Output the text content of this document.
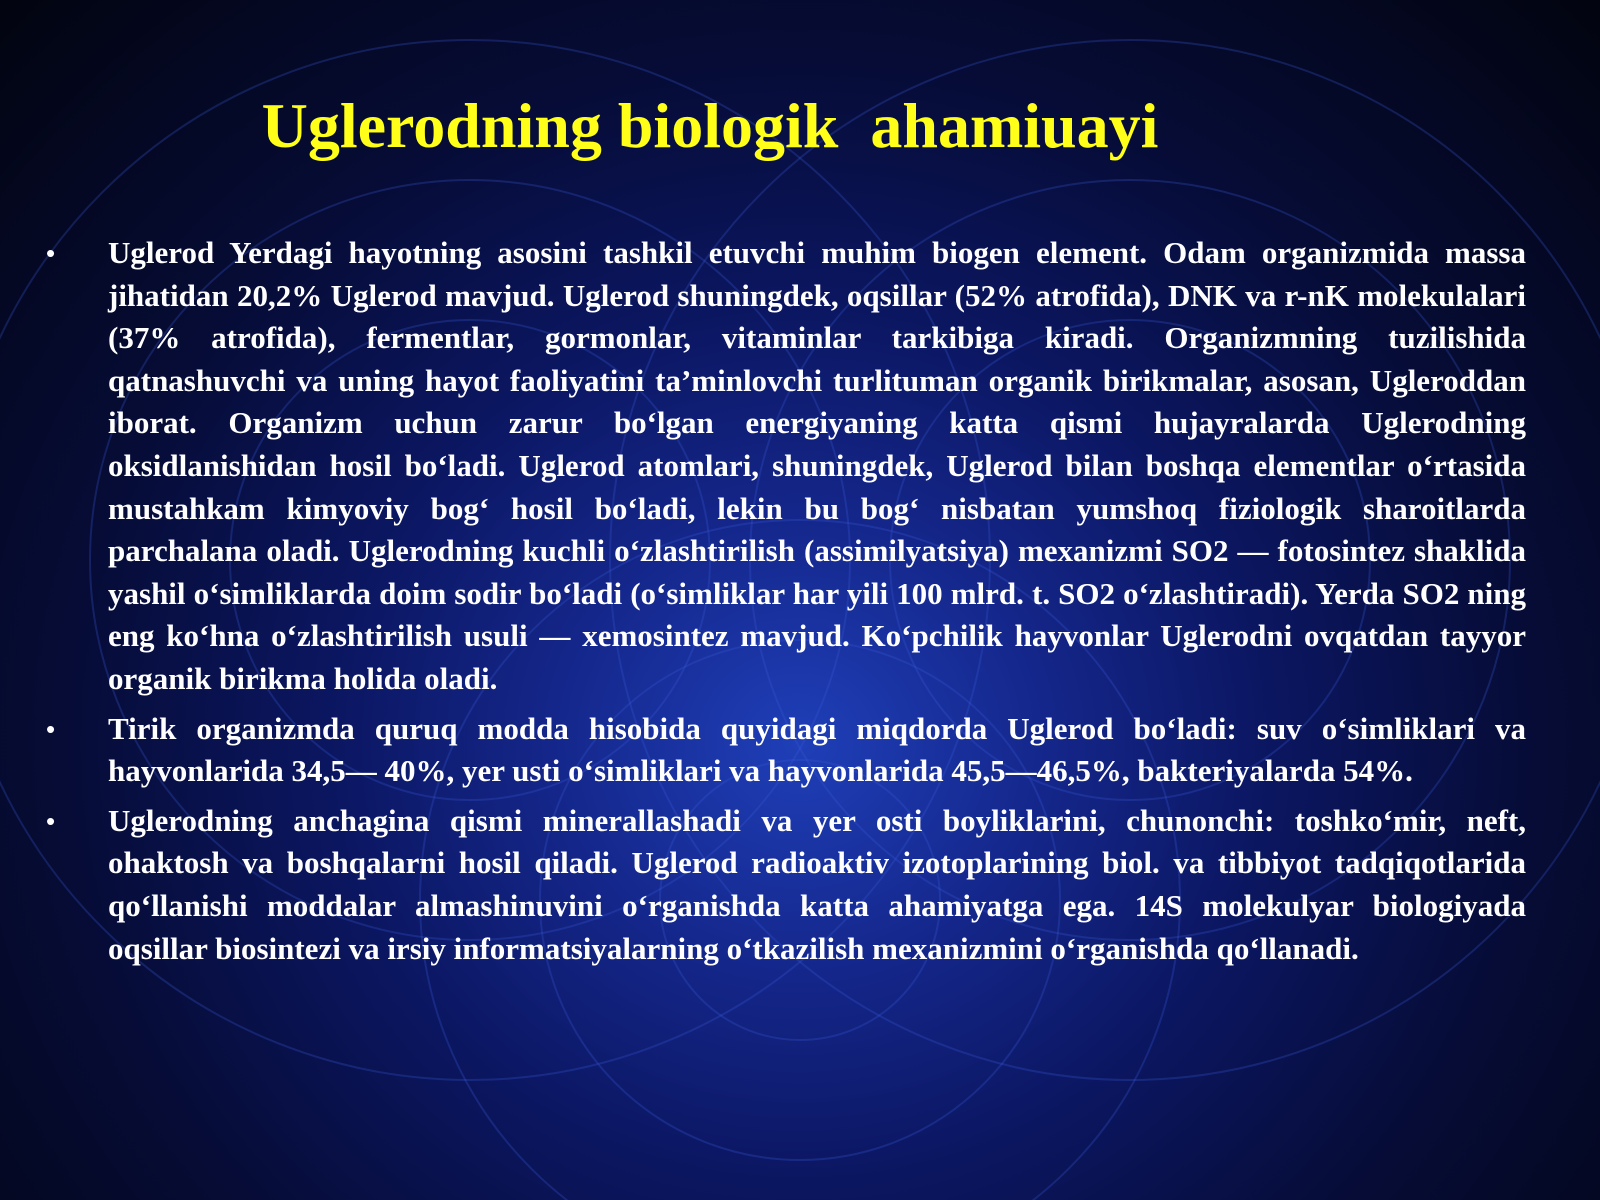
Uglerodning biologik  ahamiuayi
• Uglerod Yerdagi hayotning asosini tashkil etuvchi muhim biogen element. Odam organizmida massa jihatidan 20,2% Uglerod mavjud. Uglerod shuningdek, oqsillar (52% atrofida), DNK va r-nK molekulalari (37% atrofida), fermentlar, gormonlar, vitaminlar tarkibiga kiradi. Organizmning tuzilishida qatnashuvchi va uning hayot faoliyatini ta’minlovchi turlituman organik birikmalar, asosan, Ugleroddan iborat. Organizm uchun zarur boʻlgan energiyaning katta qismi hujayralarda Uglerodning oksidlanishidan hosil boʻladi. Uglerod atomlari, shuningdek, Uglerod bilan boshqa elementlar oʻrtasida mustahkam kimyoviy bogʻ hosil boʻladi, lekin bu bogʻ nisbatan yumshoq fiziologik sharoitlarda parchalana oladi. Uglerodning kuchli oʻzlashtirilish (assimilyatsiya) mexanizmi SO2 — fotosintez shaklida yashil oʻsimliklarda doim sodir boʻladi (oʻsimliklar har yili 100 mlrd. t. SO2 oʻzlashtiradi). Yerda SO2 ning eng koʻhna oʻzlashtirilish usuli — xemosintez mavjud. Koʻpchilik hayvonlar Uglerodni ovqatdan tayyor organik birikma holida oladi.
• Tirik organizmda quruq modda hisobida quyidagi miqdorda Uglerod boʻladi: suv oʻsimliklari va hayvonlarida 34,5— 40%, yer usti oʻsimliklari va hayvonlarida 45,5—46,5%, bakteriyalarda 54%.
• Uglerodning anchagina qismi minerallashadi va yer osti boyliklarini, chunonchi: toshkoʻmir, neft, ohaktosh va boshqalarni hosil qiladi. Uglerod radioaktiv izotoplarining biol. va tibbiyot tadqiqotlarida qoʻllanishi moddalar almashinuvini oʻrganishda katta ahamiyatga ega. 14S molekulyar biologiyada oqsillar biosintezi va irsiy informatsiyalarning oʻtkazilish mexanizmini oʻrganishda qoʻllanadi.
